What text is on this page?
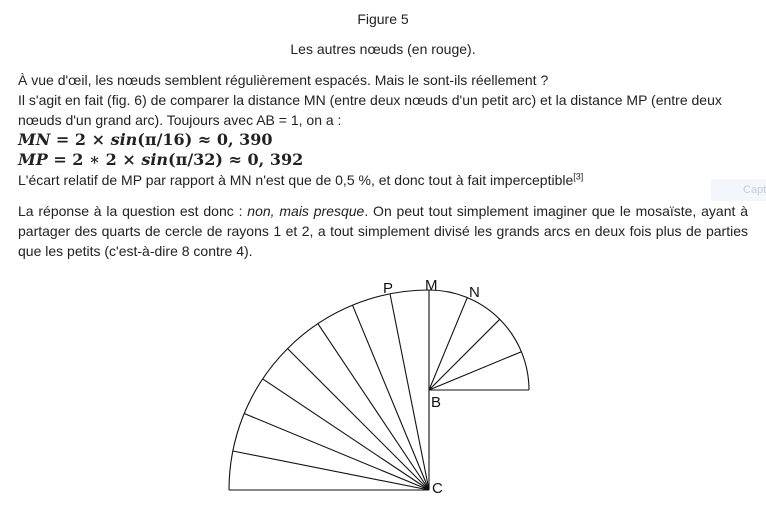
Figure 5
Les autres nœuds (en rouge).
À vue d'œil, les nœuds semblent régulièrement espacés. Mais le sont-ils réellement ?
Il s'agit en fait (fig. 6) de comparer la distance MN (entre deux nœuds d'un petit arc) et la distance MP (entre deux
nœuds d'un grand arc). Toujours avec AB = 1, on a :
MN = 2 × sin(π/16) ≈ 0, 390
MP = 2 ∗ 2 × sin(π/32) ≈ 0, 392
L'écart relatif de MP par rapport à MN n'est que de 0,5 %, et donc tout à fait imperceptible[3]
Capt
La réponse à la question est donc : non, mais presque. On peut tout simplement imaginer que le mosaïste, ayant à partager des quarts de cercle de rayons 1 et 2, a tout simplement divisé les grands arcs en deux fois plus de parties que les petits (c'est-à-dire 8 contre 4).
P M N
B
C
